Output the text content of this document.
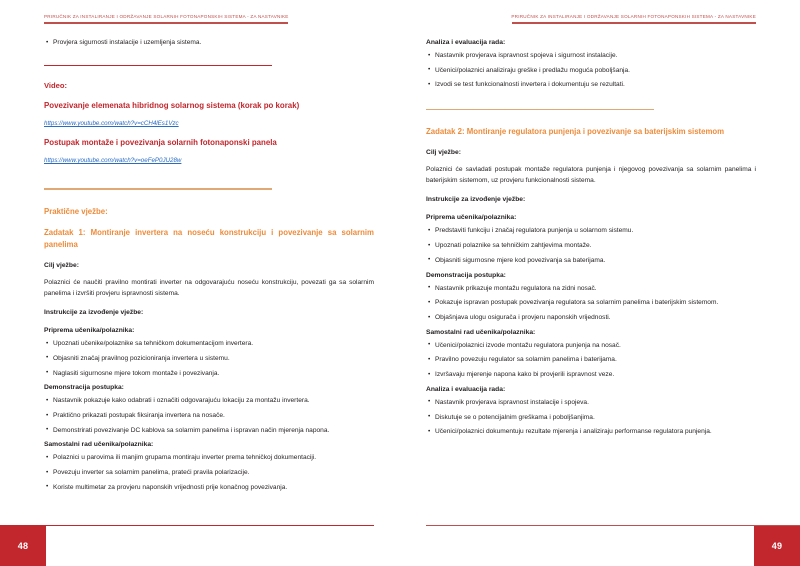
PRIRUČNIK ZA INSTALIRANJE I ODRŽAVANJE SOLARNIH FOTONAPONSKIH SISTEMA - ZA NASTAVNIKE
• Provjera sigurnosti instalacije i uzemljenja sistema.
Video:
Povezivanje elemenata hibridnog solarnog sistema (korak po korak)
https://www.youtube.com/watch?v=cCH4lEs1Vzc
Postupak montaže i povezivanja solarnih fotonaponski panela
https://www.youtube.com/watch?v=oeFeP0JU28w
Praktične vježbe:
Zadatak 1: Montiranje invertera na noseću konstrukciju i povezivanje sa solarnim panelima
Cilj vježbe:

Polaznici će naučiti pravilno montirati inverter na odgovarajuću noseću konstrukciju, povezati ga sa solarnim panelima i izvršiti provjeru ispravnosti sistema.

Instrukcije za izvođenje vježbe:
Priprema učenika/polaznika:
• Upoznati učenike/polaznike sa tehničkom dokumentacijom invertera.
• Objasniti značaj pravilnog pozicioniranja invertera u sistemu.
• Naglasiti sigurnosne mjere tokom montaže i povezivanja.
Demonstracija postupka:
• Nastavnik pokazuje kako odabrati i označiti odgovarajuću lokaciju za montažu invertera.
• Praktično prikazati postupak fiksiranja invertera na nosače.
• Demonstrirati povezivanje DC kablova sa solarnim panelima i ispravan način mjerenja napona.
Samostalni rad učenika/polaznika:
• Polaznici u parovima ili manjim grupama montiraju inverter prema tehničkoj dokumentaciji.
• Povezuju inverter sa solarnim panelima, prateći pravila polarizacije.
• Koriste multimetar za provjeru naponskih vrijednosti prije konačnog povezivanja.
48
PRIRUČNIK ZA INSTALIRANJE I ODRŽAVANJE SOLARNIH FOTONAPONSKIH SISTEMA - ZA NASTAVNIKE
Analiza i evaluacija rada:
• Nastavnik provjerava ispravnost spojeva i sigurnost instalacije.
• Učenici/polaznici analiziraju greške i predlažu moguća poboljšanja.
• Izvodi se test funkcionalnosti invertera i dokumentuju se rezultati.
Zadatak 2: Montiranje regulatora punjenja i povezivanje sa baterijskim sistemom
Cilj vježbe:

Polaznici će savladati postupak montaže regulatora punjenja i njegovog povezivanja sa solarnim panelima i baterijskim sistemom, uz provjeru funkcionalnosti sistema.

Instrukcije za izvođenje vježbe:
Priprema učenika/polaznika:
• Predstaviti funkciju i značaj regulatora punjenja u solarnom sistemu.
• Upoznati polaznike sa tehničkim zahtjevima montaže.
• Objasniti sigurnosne mjere kod povezivanja sa baterijama.
Demonstracija postupka:
• Nastavnik prikazuje montažu regulatora na zidni nosač.
• Pokazuje ispravan postupak povezivanja regulatora sa solarnim panelima i baterijskim sistemom.
• Objašnjava ulogu osigurača i provjeru naponskih vrijednosti.
Samostalni rad učenika/polaznika:
• Učenici/polaznici izvode montažu regulatora punjenja na nosač.
• Pravilno povezuju regulator sa solarnim panelima i baterijama.
• Izvršavaju mjerenje napona kako bi provjerili ispravnost veze.
Analiza i evaluacija rada:
• Nastavnik provjerava ispravnost instalacije i spojeva.
• Diskutuje se o potencijalnim greškama i poboljšanjima.
• Učenici/polaznici dokumentuju rezultate mjerenja i analiziraju performanse regulatora punjenja.
49
